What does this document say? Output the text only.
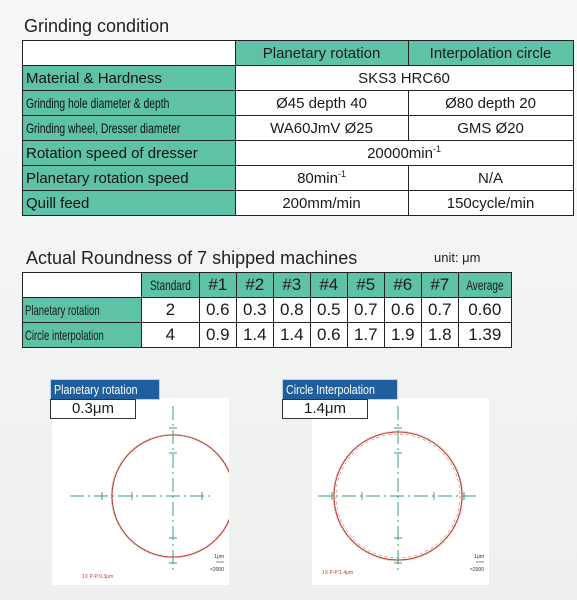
Grinding condition
	Planetary rotation	Interpolation circle
Material & Hardness	SKS3 HRC60	
Grinding hole diameter & depth	Ø45 depth 40	Ø80 depth 20
Grinding wheel, Dresser diameter	WA60JmV Ø25	GMS Ø20
Rotation speed of dresser	$20000\min^{-1}$
Planetary rotation speed	$80\min^{-1}$	N/A
Quill feed	200mm/min	150cycle/min
Actual Roundness of 7 shipped machines	unit: μm
	Standard	#1	#2	#3	#4	#5	#6	#7	Average
Planetary rotation	2	0.6	0.3	0.8	0.5	0.7	0.6	0.7	0.60
Circle interpolation	4	0.9	1.4	1.4	0.6	1.7	1.9	1.8	1.39
1μm
×2000
1X P-P:0.3μm
Planetary rotation
0.3μm
1μm
×2000
1X P-P:1.4μm
Circle Interpolation
1.4μm
